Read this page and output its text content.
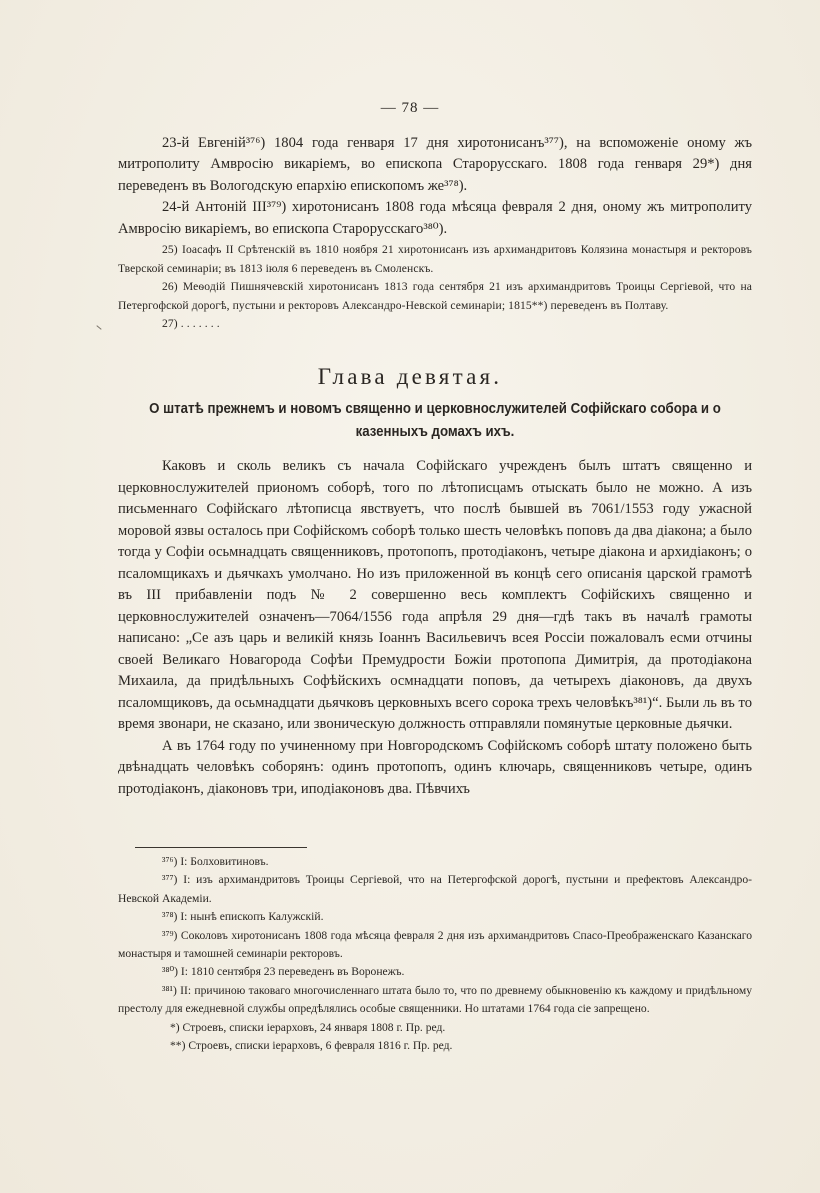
— 78 —

23-й Евгеній³⁷⁶) 1804 года генваря 17 дня хиротонисанъ³⁷⁷), на вспоможеніе оному жъ митрополиту Амвросію викаріемъ, во епископа Старорусскаго. 1808 года генваря 29*) дня переведенъ въ Вологодскую епархію епископомъ же³⁷⁸).

24-й Антоній III³⁷⁹) хиротонисанъ 1808 года мѣсяца февраля 2 дня, оному жъ митрополиту Амвросію викаріемъ, во епископа Старорусскаго³⁸⁰).

25) Іоасафъ II Срѣтенскій въ 1810 ноября 21 хиротонисанъ изъ архимандритовъ Колязина монастыря и ректоровъ Тверской семинаріи; въ 1813 іюля 6 переведенъ въ Смоленскъ.

26) Меѳодій Пишнячевскій хиротонисанъ 1813 года сентября 21 изъ архимандритовъ Троицы Сергіевой, что на Петергофской дорогѣ, пустыни и ректоровъ Александро-Невской семинаріи; 1815**) переведенъ въ Полтаву.

27) . . . . . . .

Глава девятая.
О штатѣ прежнемъ и новомъ священно и церковнослужителей Софійскаго собора и о казенныхъ домахъ ихъ.

Каковъ и сколь великъ съ начала Софійскаго учрежденъ былъ штатъ священно и церковнослужителей приономъ соборѣ, того по лѣтописцамъ отыскать было не можно. А изъ письменнаго Софійскаго лѣтописца явствуетъ, что послѣ бывшей въ 7061/1553 году ужасной моровой язвы осталось при Софійскомъ соборѣ только шесть человѣкъ поповъ да два діакона; а было тогда у Софіи осьмнадцать священниковъ, протопопъ, протодіаконъ, четыре діакона и архидіаконъ; о псаломщикахъ и дьячкахъ умолчано. Но изъ приложенной въ концѣ сего описанія царской грамотѣ въ III прибавленіи подъ № 2 совершенно весь комплектъ Софійскихъ священно и церковнослужителей означенъ—7064/1556 года апрѣля 29 дня—гдѣ такъ въ началѣ грамоты написано: „Се азъ царь и великій князь Іоаннъ Васильевичъ всея Россіи пожаловалъ есми отчины своей Великаго Новагорода Софѣи Премудрости Божіи протопопа Димитрія, да протодіакона Михаила, да придѣльныхъ Софѣйскихъ осмнадцати поповъ, да четырехъ діаконовъ, да двухъ псаломщиковъ, да осьмнадцати дьячковъ церковныхъ всего сорока трехъ человѣкъ³⁸¹)“. Были ль въ то время звонари, не сказано, или звоническую должность отправляли помянутые церковные дьячки.

А въ 1764 году по учиненному при Новгородскомъ Софійскомъ соборѣ штату положено быть двѣнадцать человѣкъ соборянъ: одинъ протопопъ, одинъ ключарь, священниковъ четыре, одинъ протодіаконъ, діаконовъ три, иподіаконовъ два. Пѣвчихъ

³⁷⁶) I: Болховитиновъ.

³⁷⁷) I: изъ архимандритовъ Троицы Сергіевой, что на Петергофской дорогѣ, пустыни и префектовъ Александро-Невской Академіи.

³⁷⁸) I: нынѣ епископъ Калужскій.

³⁷⁹) Соколовъ хиротонисанъ 1808 года мѣсяца февраля 2 дня изъ архимандритовъ Спасо-Преображенскаго Казанскаго монастыря и тамошней семинаріи ректоровъ.

³⁸⁰) I: 1810 сентября 23 переведенъ въ Воронежъ.

³⁸¹) II: причиною таковаго многочисленнаго штата было то, что по древнему обыкновенію къ каждому и придѣльному престолу для ежедневной службы опредѣлялись особые священники. Но штатами 1764 года сіе запрещено.

*) Строевъ, списки іерарховъ, 24 января 1808 г. Пр. ред.

**) Строевъ, списки іерарховъ, 6 февраля 1816 г. Пр. ред.
